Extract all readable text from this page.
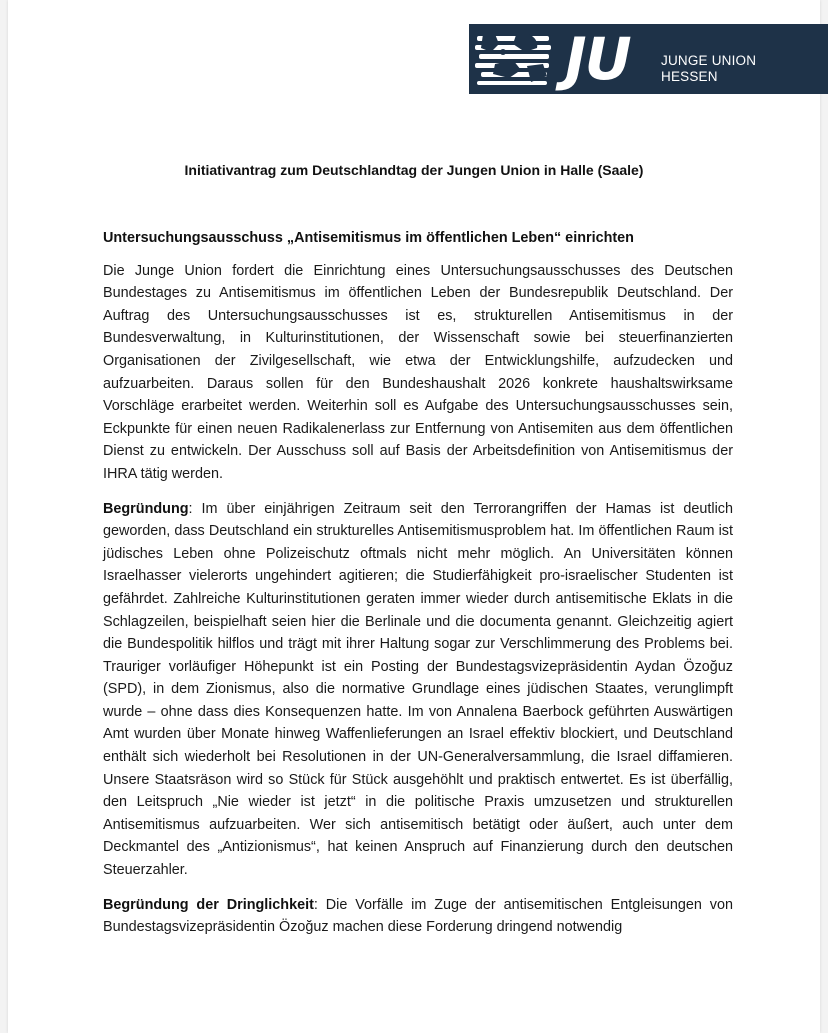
JU JUNGE UNION
HESSEN
Initiativantrag zum Deutschlandtag der Jungen Union in Halle (Saale)
Untersuchungsausschuss „Antisemitismus im öffentlichen Leben“ einrichten

Die Junge Union fordert die Einrichtung eines Untersuchungsausschusses des Deutschen Bundestages zu Antisemitismus im öffentlichen Leben der Bundesrepublik Deutschland. Der Auftrag des Untersuchungsausschusses ist es, strukturellen Antisemitismus in der Bundesverwaltung, in Kulturinstitutionen, der Wissenschaft sowie bei steuerfinanzierten Organisationen der Zivilgesellschaft, wie etwa der Entwicklungshilfe, aufzudecken und aufzuarbeiten. Daraus sollen für den Bundeshaushalt 2026 konkrete haushaltswirksame Vorschläge erarbeitet werden. Weiterhin soll es Aufgabe des Untersuchungsausschusses sein, Eckpunkte für einen neuen Radikalenerlass zur Entfernung von Antisemiten aus dem öffentlichen Dienst zu entwickeln. Der Ausschuss soll auf Basis der Arbeitsdefinition von Antisemitismus der IHRA tätig werden.

Begründung: Im über einjährigen Zeitraum seit den Terrorangriffen der Hamas ist deutlich geworden, dass Deutschland ein strukturelles Antisemitismusproblem hat. Im öffentlichen Raum ist jüdisches Leben ohne Polizeischutz oftmals nicht mehr möglich. An Universitäten können Israelhasser vielerorts ungehindert agitieren; die Studierfähigkeit pro-israelischer Studenten ist gefährdet. Zahlreiche Kulturinstitutionen geraten immer wieder durch antisemitische Eklats in die Schlagzeilen, beispielhaft seien hier die Berlinale und die documenta genannt. Gleichzeitig agiert die Bundespolitik hilflos und trägt mit ihrer Haltung sogar zur Verschlimmerung des Problems bei. Trauriger vorläufiger Höhepunkt ist ein Posting der Bundestagsvizepräsidentin Aydan Özoğuz (SPD), in dem Zionismus, also die normative Grundlage eines jüdischen Staates, verunglimpft wurde – ohne dass dies Konsequenzen hatte. Im von Annalena Baerbock geführten Auswärtigen Amt wurden über Monate hinweg Waffenlieferungen an Israel effektiv blockiert, und Deutschland enthält sich wiederholt bei Resolutionen in der UN-Generalversammlung, die Israel diffamieren. Unsere Staatsräson wird so Stück für Stück ausgehöhlt und praktisch entwertet. Es ist überfällig, den Leitspruch „Nie wieder ist jetzt“ in die politische Praxis umzusetzen und strukturellen Antisemitismus aufzuarbeiten. Wer sich antisemitisch betätigt oder äußert, auch unter dem Deckmantel des „Antizionismus“, hat keinen Anspruch auf Finanzierung durch den deutschen Steuerzahler.

Begründung der Dringlichkeit: Die Vorfälle im Zuge der antisemitischen Entgleisungen von Bundestagsvizepräsidentin Özoğuz machen diese Forderung dringend notwendig
